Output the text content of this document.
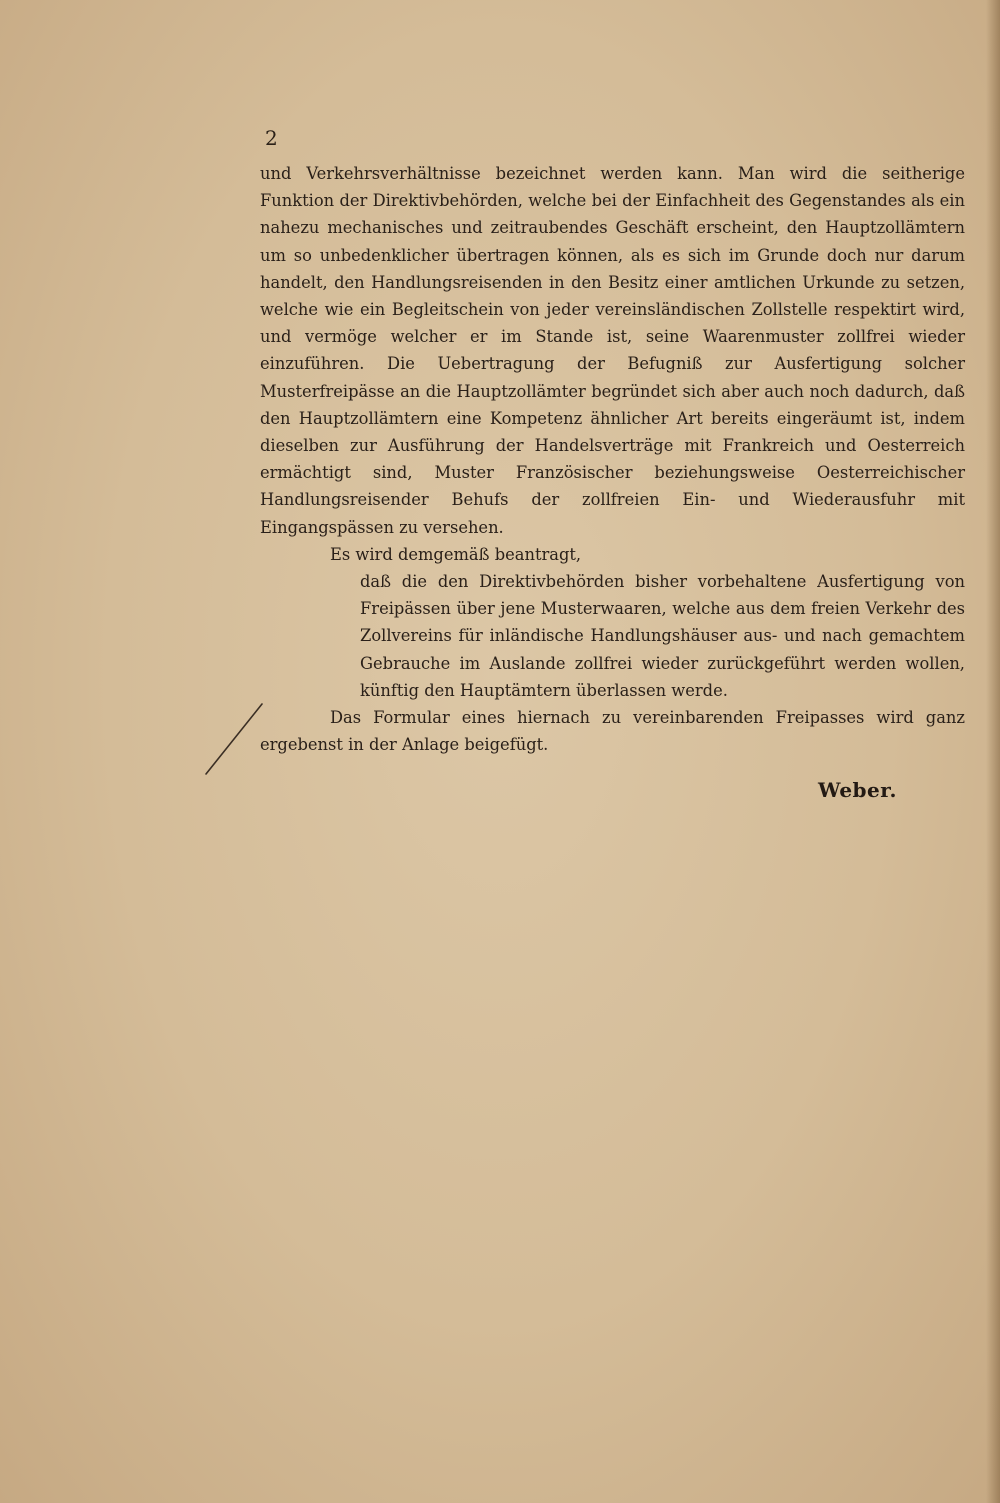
2

und Verkehrsverhältnisse bezeichnet werden kann. Man wird die seitherige Funktion der Direktivbehörden, welche bei der Einfachheit des Gegenstandes als ein nahezu mechanisches und zeitraubendes Geschäft erscheint, den Hauptzollämtern um so unbedenklicher übertragen können, als es sich im Grunde doch nur darum handelt, den Handlungsreisenden in den Besitz einer amtlichen Urkunde zu setzen, welche wie ein Begleitschein von jeder vereinsländischen Zollstelle respektirt wird, und vermöge welcher er im Stande ist, seine Waarenmuster zollfrei wieder einzuführen. Die Uebertragung der Befugniß zur Ausfertigung solcher Musterfreipässe an die Hauptzollämter begründet sich aber auch noch dadurch, daß den Hauptzollämtern eine Kompetenz ähnlicher Art bereits eingeräumt ist, indem dieselben zur Ausführung der Handelsverträge mit Frankreich und Oesterreich ermächtigt sind, Muster Französischer beziehungsweise Oesterreichischer Handlungsreisender Behufs der zollfreien Ein- und Wiederausfuhr mit Eingangspässen zu versehen.

Es wird demgemäß beantragt,

daß die den Direktivbehörden bisher vorbehaltene Ausfertigung von Freipässen über jene Musterwaaren, welche aus dem freien Verkehr des Zollvereins für inländische Handlungshäuser aus- und nach gemachtem Gebrauche im Auslande zollfrei wieder zurückgeführt werden wollen, künftig den Hauptämtern überlassen werde.

Das Formular eines hiernach zu vereinbarenden Freipasses wird ganz ergebenst in der Anlage beigefügt.

Weber.
